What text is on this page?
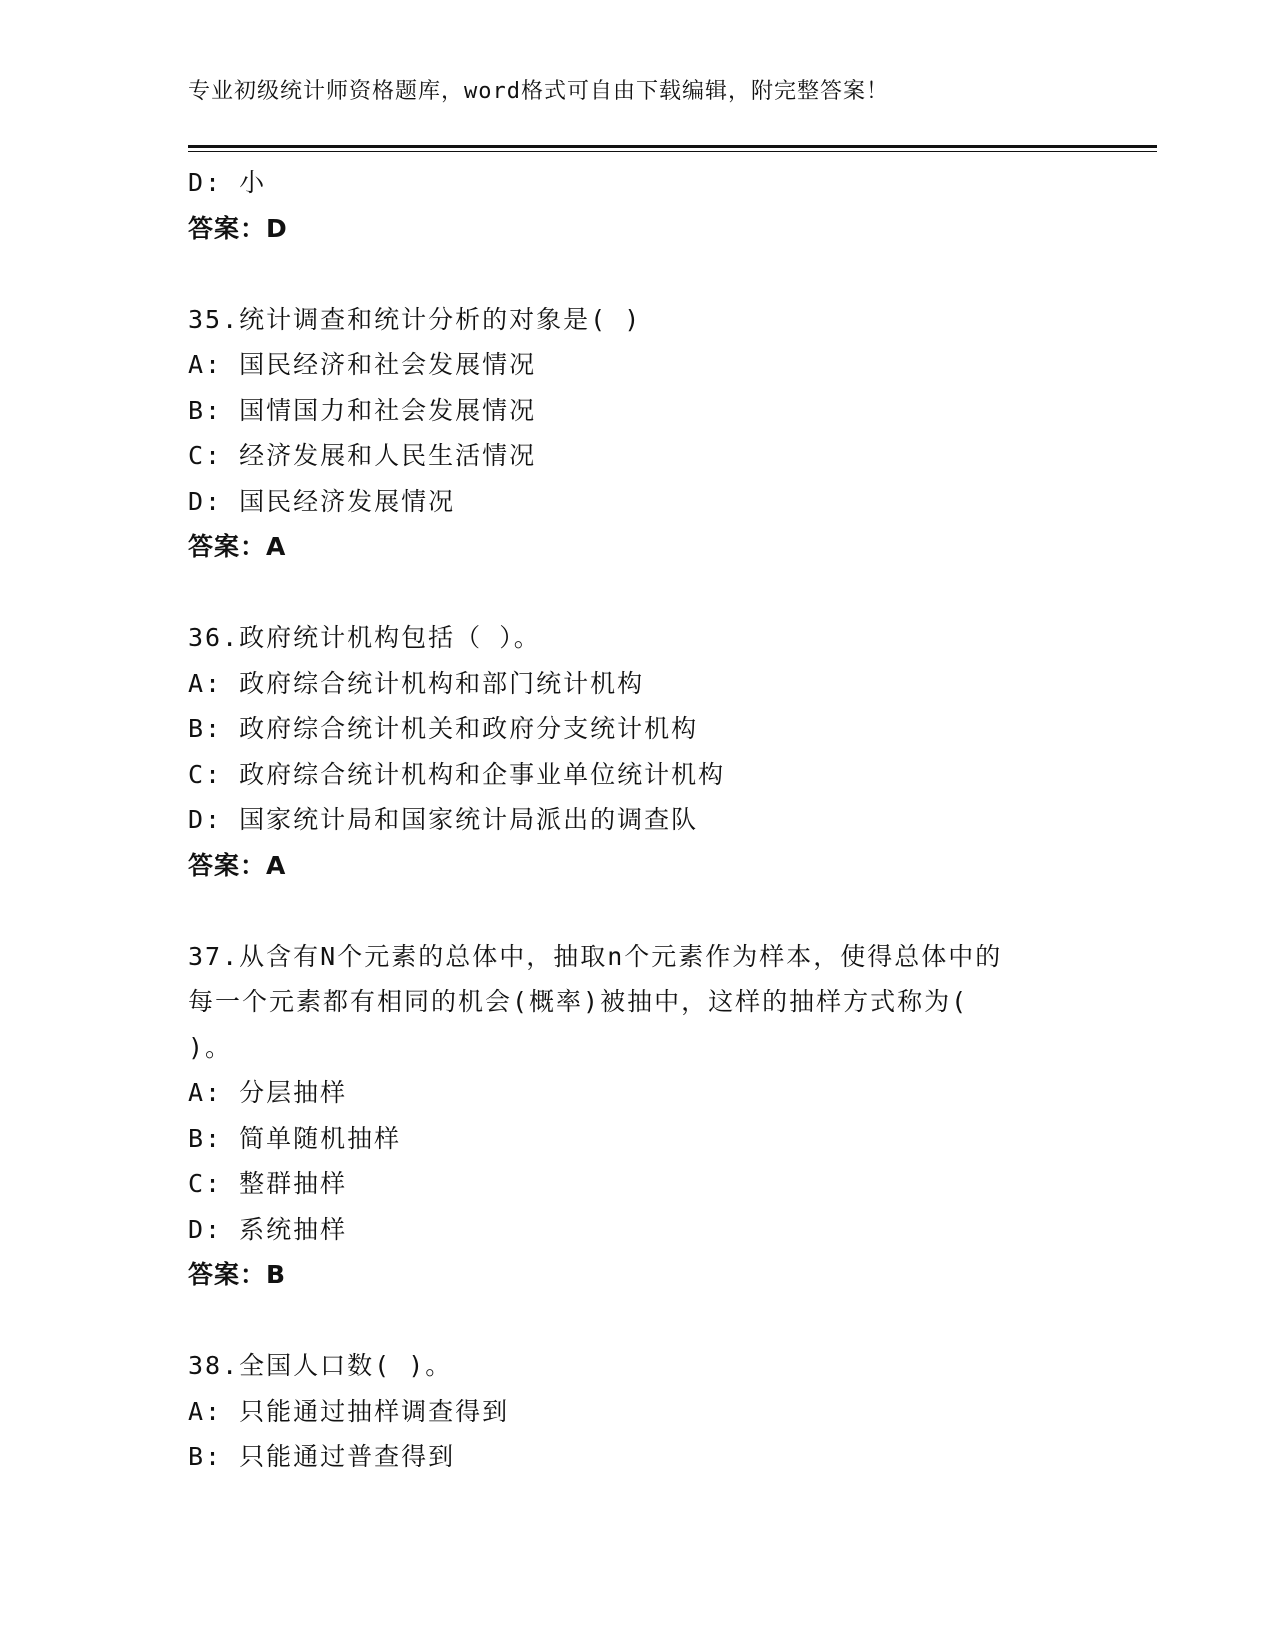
专业初级统计师资格题库，word格式可自由下载编辑，附完整答案！
D: 小
答案：D
35.统计调查和统计分析的对象是( )
A: 国民经济和社会发展情况
B: 国情国力和社会发展情况
C: 经济发展和人民生活情况
D: 国民经济发展情况
答案：A
36.政府统计机构包括（ ）。
A: 政府综合统计机构和部门统计机构
B: 政府综合统计机关和政府分支统计机构
C: 政府综合统计机构和企事业单位统计机构
D: 国家统计局和国家统计局派出的调查队
答案：A
37.从含有N个元素的总体中，抽取n个元素作为样本，使得总体中的
每一个元素都有相同的机会(概率)被抽中，这样的抽样方式称为(
)。
A: 分层抽样
B: 简单随机抽样
C: 整群抽样
D: 系统抽样
答案：B
38.全国人口数( )。
A: 只能通过抽样调查得到
B: 只能通过普查得到
